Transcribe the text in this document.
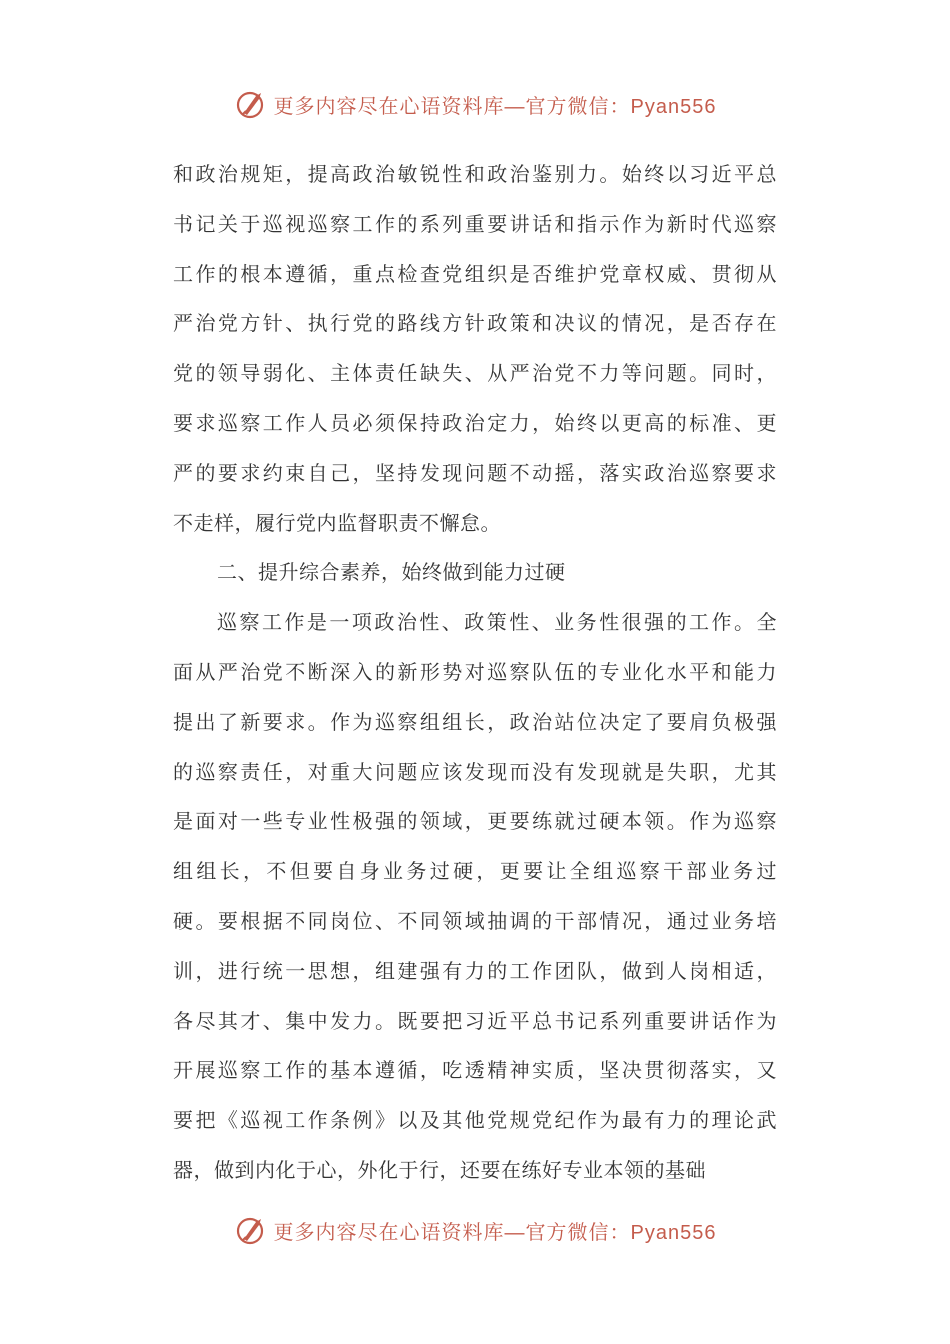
更多内容尽在心语资料库—官方微信：Pyan556
和政治规矩，提高政治敏锐性和政治鉴别力。始终以习近平总
书记关于巡视巡察工作的系列重要讲话和指示作为新时代巡察
工作的根本遵循，重点检查党组织是否维护党章权威、贯彻从
严治党方针、执行党的路线方针政策和决议的情况，是否存在
党的领导弱化、主体责任缺失、从严治党不力等问题。同时，
要求巡察工作人员必须保持政治定力，始终以更高的标准、更
严的要求约束自己，坚持发现问题不动摇，落实政治巡察要求
不走样，履行党内监督职责不懈怠。
二、提升综合素养，始终做到能力过硬
巡察工作是一项政治性、政策性、业务性很强的工作。全
面从严治党不断深入的新形势对巡察队伍的专业化水平和能力
提出了新要求。作为巡察组组长，政治站位决定了要肩负极强
的巡察责任，对重大问题应该发现而没有发现就是失职，尤其
是面对一些专业性极强的领域，更要练就过硬本领。作为巡察
组组长，不但要自身业务过硬，更要让全组巡察干部业务过
硬。要根据不同岗位、不同领域抽调的干部情况，通过业务培
训，进行统一思想，组建强有力的工作团队，做到人岗相适，
各尽其才、集中发力。既要把习近平总书记系列重要讲话作为
开展巡察工作的基本遵循，吃透精神实质，坚决贯彻落实，又
要把《巡视工作条例》以及其他党规党纪作为最有力的理论武
器，做到内化于心，外化于行，还要在练好专业本领的基础
更多内容尽在心语资料库—官方微信：Pyan556
